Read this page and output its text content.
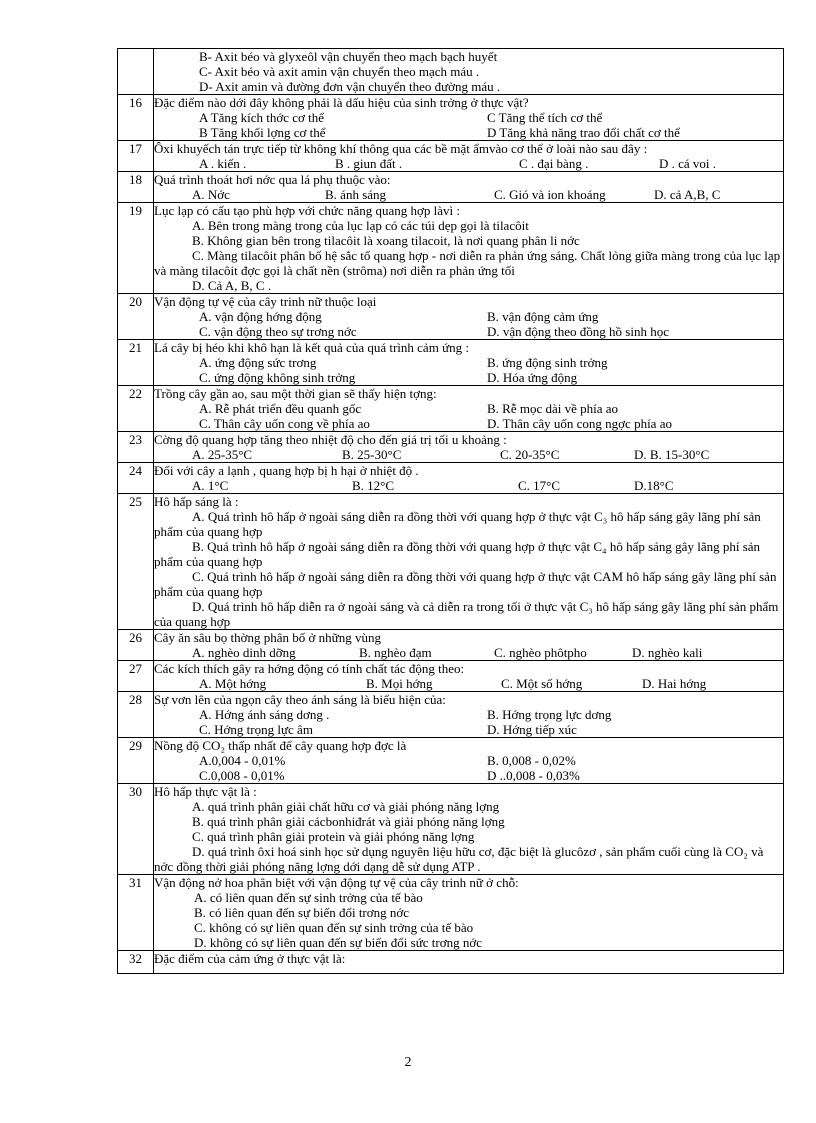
	B- Axit béo và glyxeôl vận chuyển theo mạch bạch huyết
C- Axit béo và axit amin vận chuyển theo mạch máu .
D- Axit amin và đường đơn vận chuyển theo đường máu .

16	Đặc điểm nào dới đây không phải là dấu hiệu của sinh trởng ở thực vật?
A Tăng kích thớc cơ thể C Tăng thể tích cơ thể
B Tăng khối lợng cơ thể D Tăng khả năng trao đổi chất cơ thể

17	Ôxi khuyếch tán trực tiếp từ không khí thông qua các bề mặt ẩmvào cơ thể ở loài nào sau đây :
A . kiến . B . giun đất . C . đại bàng . D . cá voi .

18	Quá trình thoát hơi nớc qua lá phụ thuộc vào:
A. Nớc B. ánh sáng C. Gió và ion khoáng D. cả A,B, C

19	Lục lạp có cấu tạo phù hợp với chức năng quang hợp làvì :
A. Bên trong màng trong của lục lạp có các túi dẹp gọi là tilacôit
B. Không gian bên trong tilacôit là xoang tilacoit, là nơi quang phân li nớc
C. Màng tilacôit phân bố hệ sắc tố quang hợp - nơi diễn ra phản ứng sáng. Chất lỏng giữa màng trong của lục lạp và màng tilacôit đợc gọi là chất nền (strôma) nơi diễn ra phản ứng tối
D. Cả A, B, C .

20	Vận động tự vệ của cây trinh nữ thuộc loại
A. vận động hớng động B. vận động cảm ứng
C. vận động theo sự trơng nớc D. vận động theo đồng hồ sinh học

21	Lá cây bị héo khi khô hạn là kết quả của quá trình cảm ứng :
A. ứng động sức trơng B. ứng động sinh trởng
C. ứng động không sinh trởng D. Hóa ứng động

22	Trồng cây gần ao, sau một thời gian sẽ thấy hiện tợng:
A. Rễ phát triển đều quanh gốc B. Rễ mọc dài về phía ao
C. Thân cây uốn cong về phía ao D. Thân cây uốn cong ngợc phía ao

23	Cờng độ quang hợp tăng theo nhiệt độ cho đến giá trị tối u khoảng :
A. 25-35°C B. 25-30°C C. 20-35°C D. B. 15-30°C

24	Đối với cây a lạnh , quang hợp bị h hại ở nhiệt độ .
A. 1°C B. 12°C C. 17°C D.18°C

25	Hô hấp sáng là :
A. Quá trình hô hấp ở ngoài sáng diễn ra đồng thời với quang hợp ở thực vật C₃ hô hấp sáng gây lãng phí sản phẩm của quang hợp
B. Quá trình hô hấp ở ngoài sáng diễn ra đồng thời với quang hợp ở thực vật C₄ hô hấp sáng gây lãng phí sản phẩm của quang hợp
C. Quá trình hô hấp ở ngoài sáng diễn ra đồng thời với quang hợp ở thực vật CAM hô hấp sáng gây lãng phí sản phẩm của quang hợp
D. Quá trình hô hấp diễn ra ở ngoài sáng và cả diễn ra trong tối ở thực vật C₃ hô hấp sáng gây lãng phí sản phẩm của quang hợp

26	Cây ăn sâu bọ thờng phân bố ở những vùng
A. nghèo dinh dỡng B. nghèo đạm C. nghèo phôtpho D. nghèo kali

27	Các kích thích gây ra hớng động có tính chất tác động theo:
A. Một hớng B. Mọi hớng C. Một số hớng D. Hai hớng

28	Sự vơn lên của ngọn cây theo ánh sáng là biểu hiện của:
A. Hớng ánh sáng dơng . B. Hớng trọng lực dơng
C. Hớng trọng lực âm D. Hớng tiếp xúc

29	Nồng độ CO₂ thấp nhất để cây quang hợp đợc là
A.0,004 - 0,01% B. 0,008 - 0,02%
C.0,008 - 0,01% D ..0,008 - 0,03%

30	Hô hấp thực vật là :
A. quá trình phân giải chất hữu cơ và giải phóng năng lợng
B. quá trình phân giải cácbonhiđrát và giải phóng năng lợng
C. quá trình phân giải protein và giải phóng năng lợng
D. quá trình ôxi hoá sinh học sử dụng nguyên liệu hữu cơ, đặc biệt là glucôzơ , sản phẩm cuối cùng là CO₂ và nớc đồng thời giải phóng năng lợng dới dạng dễ sử dụng ATP .

31	Vận động nở hoa phân biệt với vận động tự vệ của cây trinh nữ ở chỗ:
A. có liên quan đến sự sinh trởng của tế bào
B. có liên quan đến sự biến đổi trơng nớc
C. không có sự liên quan đến sự sinh trởng của tế bào
D. không có sự liên quan đến sự biến đổi sức trơng nớc

32	Đặc điểm của cảm ứng ở thực vật là:
2
